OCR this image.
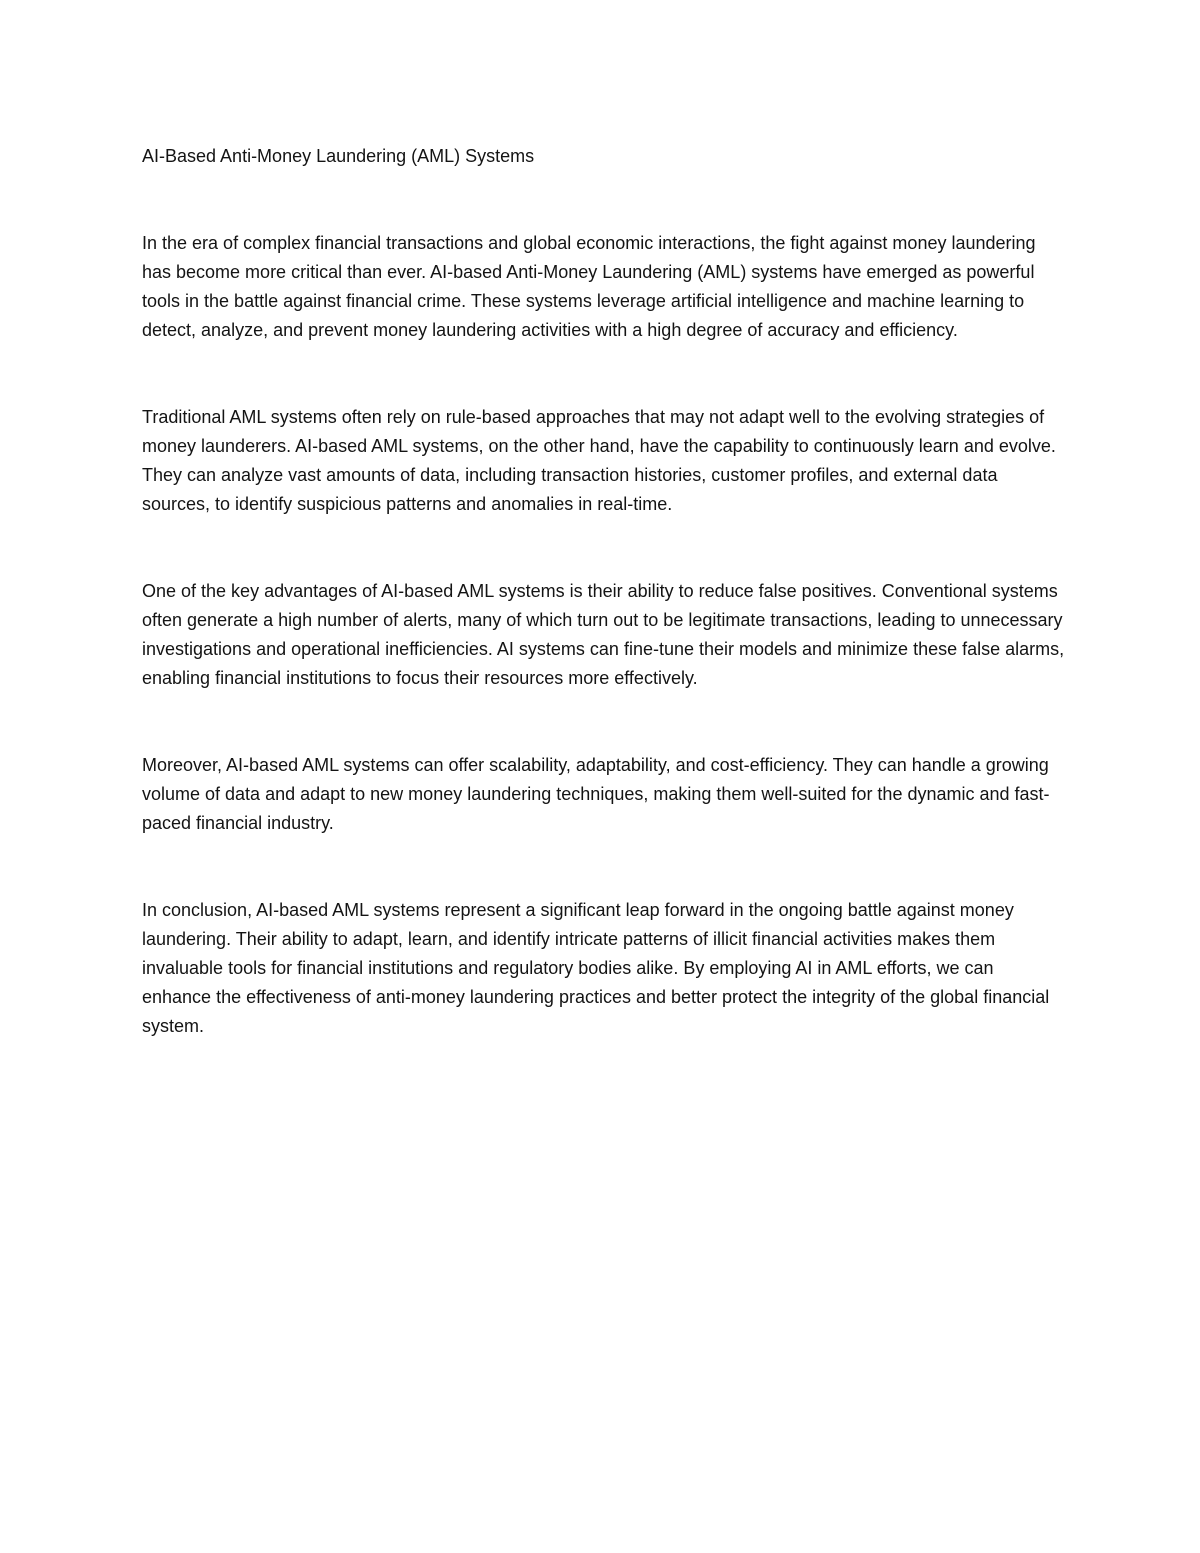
AI-Based Anti-Money Laundering (AML) Systems

In the era of complex financial transactions and global economic interactions, the fight against money laundering has become more critical than ever. AI-based Anti-Money Laundering (AML) systems have emerged as powerful tools in the battle against financial crime. These systems leverage artificial intelligence and machine learning to detect, analyze, and prevent money laundering activities with a high degree of accuracy and efficiency.

Traditional AML systems often rely on rule-based approaches that may not adapt well to the evolving strategies of money launderers. AI-based AML systems, on the other hand, have the capability to continuously learn and evolve. They can analyze vast amounts of data, including transaction histories, customer profiles, and external data sources, to identify suspicious patterns and anomalies in real-time.

One of the key advantages of AI-based AML systems is their ability to reduce false positives. Conventional systems often generate a high number of alerts, many of which turn out to be legitimate transactions, leading to unnecessary investigations and operational inefficiencies. AI systems can fine-tune their models and minimize these false alarms, enabling financial institutions to focus their resources more effectively.

Moreover, AI-based AML systems can offer scalability, adaptability, and cost-efficiency. They can handle a growing volume of data and adapt to new money laundering techniques, making them well-suited for the dynamic and fast-paced financial industry.

In conclusion, AI-based AML systems represent a significant leap forward in the ongoing battle against money laundering. Their ability to adapt, learn, and identify intricate patterns of illicit financial activities makes them invaluable tools for financial institutions and regulatory bodies alike. By employing AI in AML efforts, we can enhance the effectiveness of anti-money laundering practices and better protect the integrity of the global financial system.
